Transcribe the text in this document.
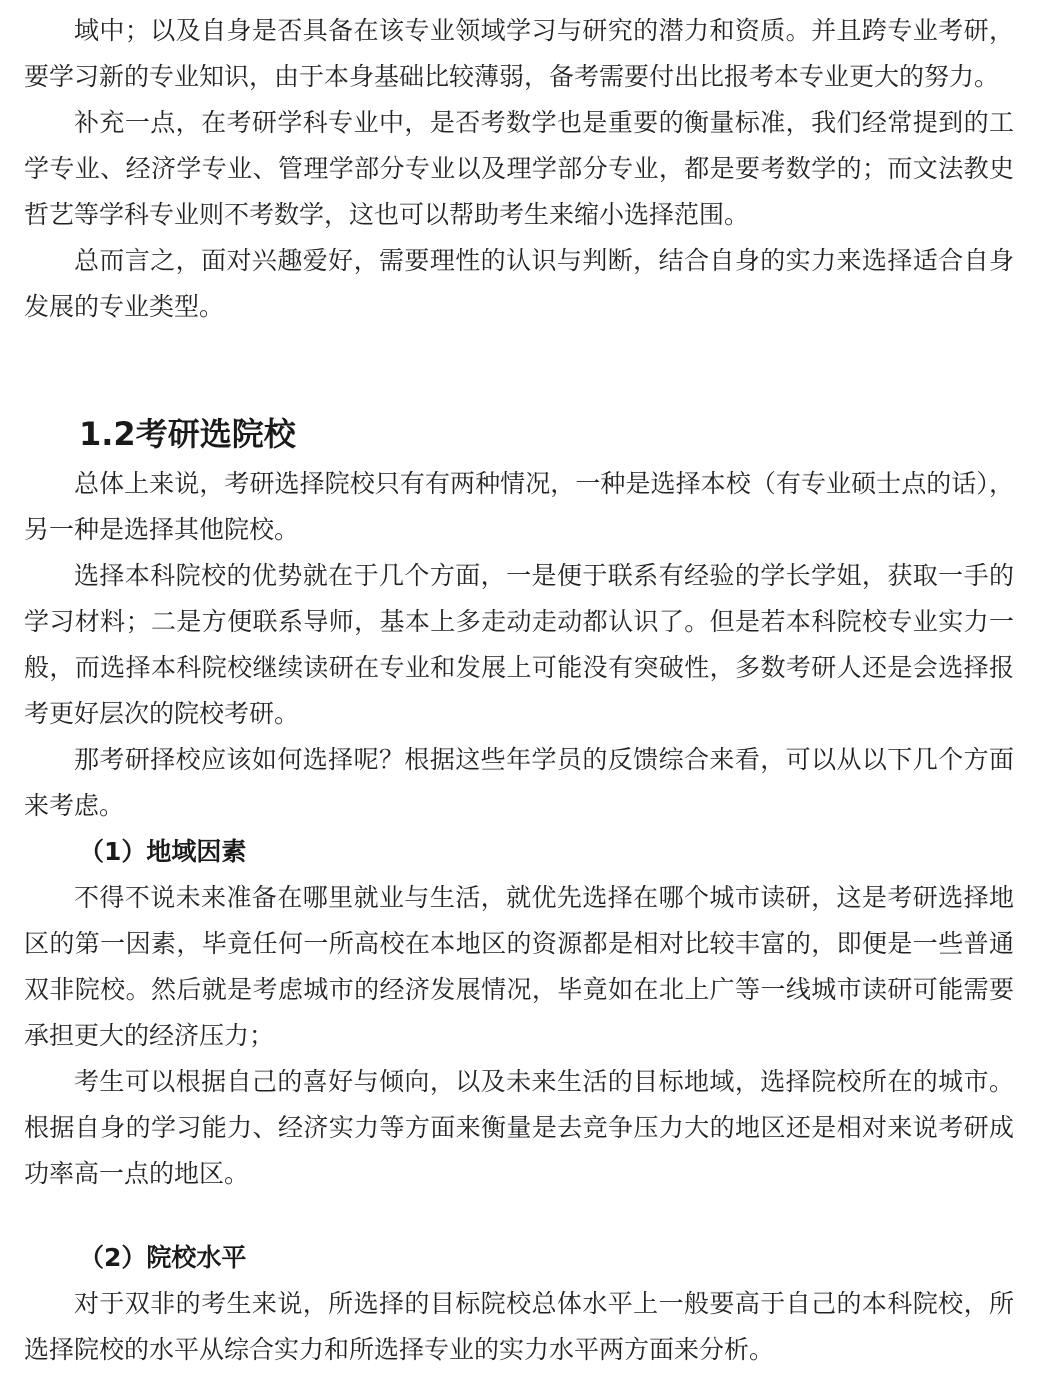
域中；以及自身是否具备在该专业领域学习与研究的潜力和资质。并且跨专业考研，要学习新的专业知识，由于本身基础比较薄弱，备考需要付出比报考本专业更大的努力。

补充一点，在考研学科专业中，是否考数学也是重要的衡量标准，我们经常提到的工学专业、经济学专业、管理学部分专业以及理学部分专业，都是要考数学的；而文法教史哲艺等学科专业则不考数学，这也可以帮助考生来缩小选择范围。

总而言之，面对兴趣爱好，需要理性的认识与判断，结合自身的实力来选择适合自身发展的专业类型。

1.2考研选院校

总体上来说，考研选择院校只有有两种情况，一种是选择本校（有专业硕士点的话），另一种是选择其他院校。

选择本科院校的优势就在于几个方面，一是便于联系有经验的学长学姐，获取一手的学习材料；二是方便联系导师，基本上多走动走动都认识了。但是若本科院校专业实力一般，而选择本科院校继续读研在专业和发展上可能没有突破性，多数考研人还是会选择报考更好层次的院校考研。

那考研择校应该如何选择呢？根据这些年学员的反馈综合来看，可以从以下几个方面来考虑。

（1）地域因素

不得不说未来准备在哪里就业与生活，就优先选择在哪个城市读研，这是考研选择地区的第一因素，毕竟任何一所高校在本地区的资源都是相对比较丰富的，即便是一些普通双非院校。然后就是考虑城市的经济发展情况，毕竟如在北上广等一线城市读研可能需要承担更大的经济压力；

考生可以根据自己的喜好与倾向，以及未来生活的目标地域，选择院校所在的城市。根据自身的学习能力、经济实力等方面来衡量是去竞争压力大的地区还是相对来说考研成功率高一点的地区。

（2）院校水平

对于双非的考生来说，所选择的目标院校总体水平上一般要高于自己的本科院校，所选择院校的水平从综合实力和所选择专业的实力水平两方面来分析。
